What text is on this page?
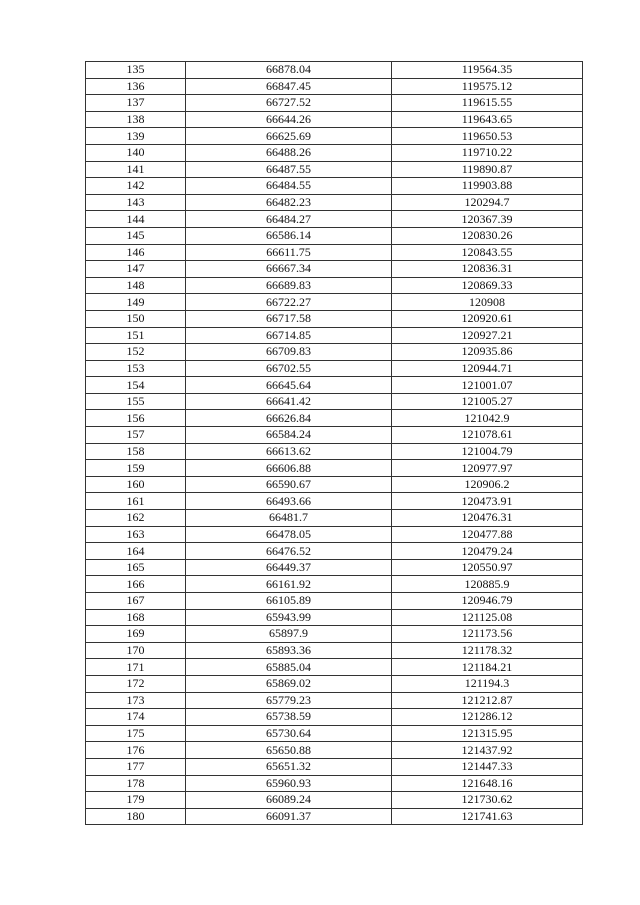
135	66878.04	119564.35
136	66847.45	119575.12
137	66727.52	119615.55
138	66644.26	119643.65
139	66625.69	119650.53
140	66488.26	119710.22
141	66487.55	119890.87
142	66484.55	119903.88
143	66482.23	120294.7
144	66484.27	120367.39
145	66586.14	120830.26
146	66611.75	120843.55
147	66667.34	120836.31
148	66689.83	120869.33
149	66722.27	120908
150	66717.58	120920.61
151	66714.85	120927.21
152	66709.83	120935.86
153	66702.55	120944.71
154	66645.64	121001.07
155	66641.42	121005.27
156	66626.84	121042.9
157	66584.24	121078.61
158	66613.62	121004.79
159	66606.88	120977.97
160	66590.67	120906.2
161	66493.66	120473.91
162	66481.7	120476.31
163	66478.05	120477.88
164	66476.52	120479.24
165	66449.37	120550.97
166	66161.92	120885.9
167	66105.89	120946.79
168	65943.99	121125.08
169	65897.9	121173.56
170	65893.36	121178.32
171	65885.04	121184.21
172	65869.02	121194.3
173	65779.23	121212.87
174	65738.59	121286.12
175	65730.64	121315.95
176	65650.88	121437.92
177	65651.32	121447.33
178	65960.93	121648.16
179	66089.24	121730.62
180	66091.37	121741.63
